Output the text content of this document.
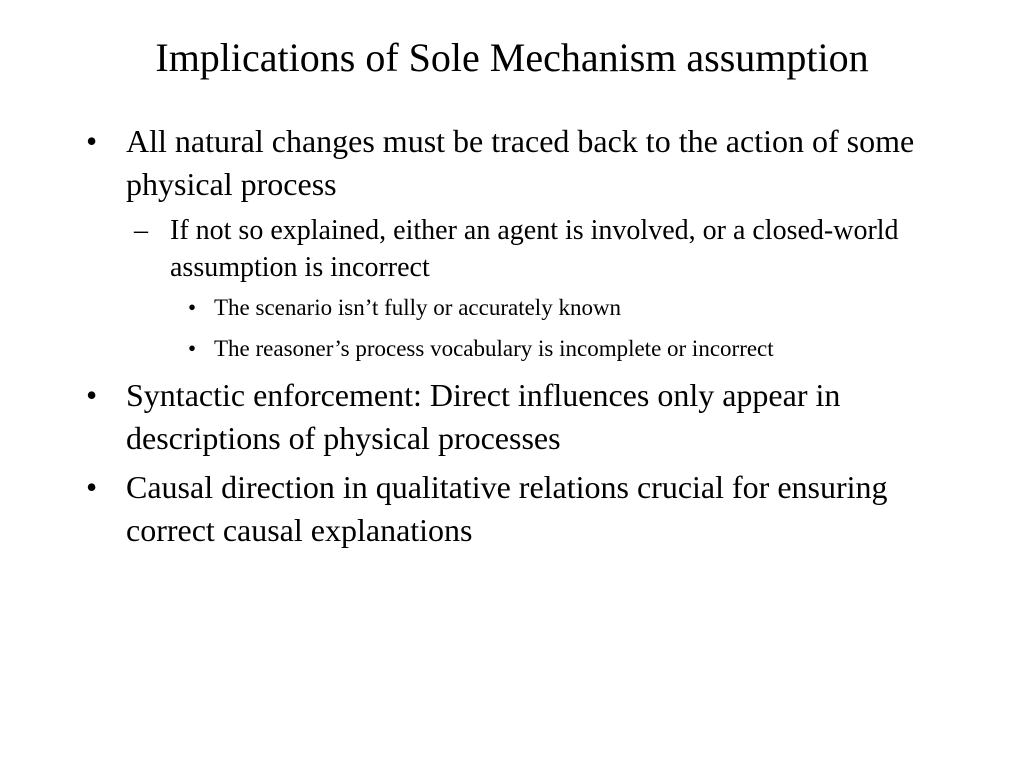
Implications of Sole Mechanism assumption
• All natural changes must be traced back to the action of some physical process
– If not so explained, either an agent is involved, or a closed-world assumption is incorrect
• The scenario isn’t fully or accurately known
• The reasoner’s process vocabulary is incomplete or incorrect
• Syntactic enforcement: Direct influences only appear in descriptions of physical processes
• Causal direction in qualitative relations crucial for ensuring correct causal explanations
